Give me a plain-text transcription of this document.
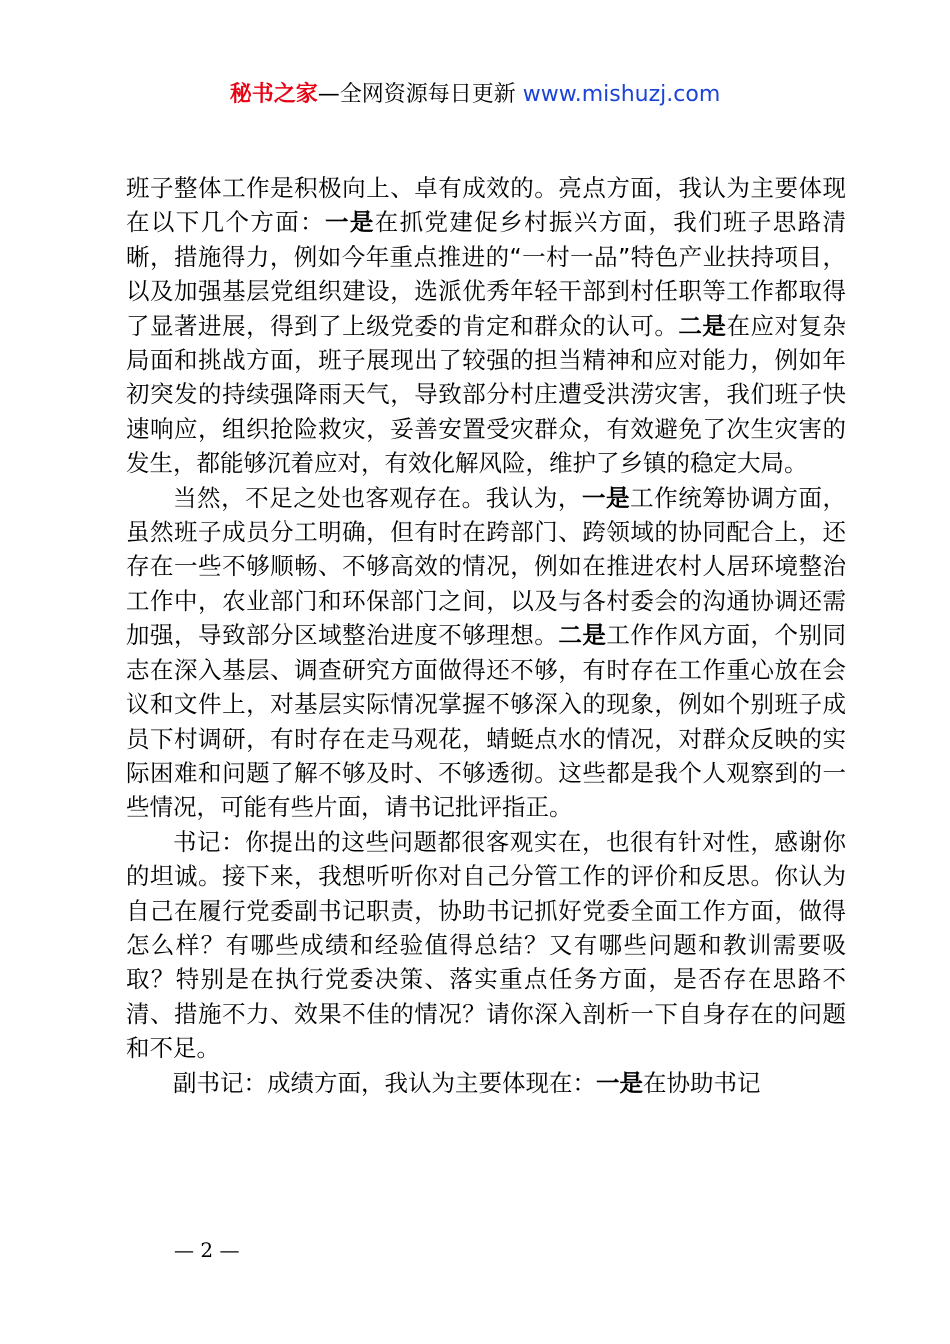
秘书之家—全网资源每日更新 www.mishuzj.com

班子整体工作是积极向上、卓有成效的。亮点方面，我认为主要体现在以下几个方面：一是在抓党建促乡村振兴方面，我们班子思路清晰，措施得力，例如今年重点推进的“一村一品”特色产业扶持项目，以及加强基层党组织建设，选派优秀年轻干部到村任职等工作都取得了显著进展，得到了上级党委的肯定和群众的认可。二是在应对复杂局面和挑战方面，班子展现出了较强的担当精神和应对能力，例如年初突发的持续强降雨天气，导致部分村庄遭受洪涝灾害，我们班子快速响应，组织抢险救灾，妥善安置受灾群众，有效避免了次生灾害的发生，都能够沉着应对，有效化解风险，维护了乡镇的稳定大局。

当然，不足之处也客观存在。我认为，一是工作统筹协调方面，虽然班子成员分工明确，但有时在跨部门、跨领域的协同配合上，还存在一些不够顺畅、不够高效的情况，例如在推进农村人居环境整治工作中，农业部门和环保部门之间，以及与各村委会的沟通协调还需加强，导致部分区域整治进度不够理想。二是工作作风方面，个别同志在深入基层、调查研究方面做得还不够，有时存在工作重心放在会议和文件上，对基层实际情况掌握不够深入的现象，例如个别班子成员下村调研，有时存在走马观花，蜻蜓点水的情况，对群众反映的实际困难和问题了解不够及时、不够透彻。这些都是我个人观察到的一些情况，可能有些片面，请书记批评指正。

书记：你提出的这些问题都很客观实在，也很有针对性，感谢你的坦诚。接下来，我想听听你对自己分管工作的评价和反思。你认为自己在履行党委副书记职责，协助书记抓好党委全面工作方面，做得怎么样？有哪些成绩和经验值得总结？又有哪些问题和教训需要吸取？特别是在执行党委决策、落实重点任务方面，是否存在思路不清、措施不力、效果不佳的情况？请你深入剖析一下自身存在的问题和不足。

副书记：成绩方面，我认为主要体现在：一是在协助书记

— 2 —
